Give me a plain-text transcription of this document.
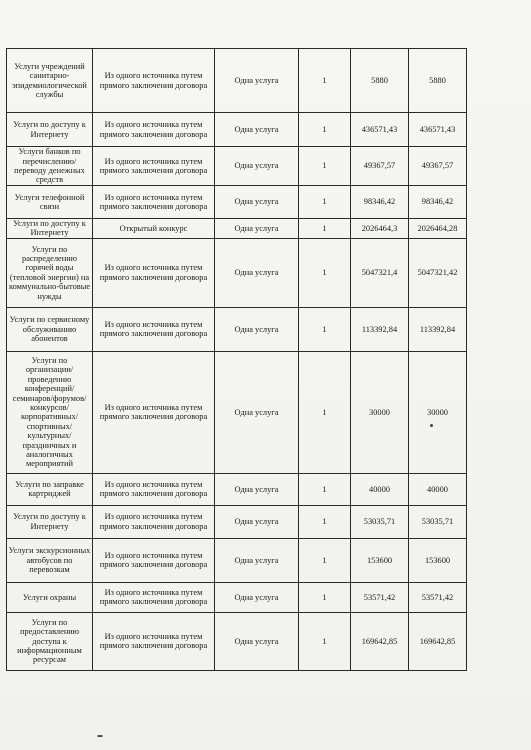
Услуги учреждений санитарно-эпидемиологической службы	Из одного источника путем прямого заключения договора	Одна услуга	1	5880	5880
Услуги по доступу к Интернету	Из одного источника путем прямого заключения договора	Одна услуга	1	436571,43	436571,43
Услуги банков по перечислению/переводу денежных средств	Из одного источника путем прямого заключения договора	Одна услуга	1	49367,57	49367,57
Услуги телефонной связи	Из одного источника путем прямого заключения договора	Одна услуга	1	98346,42	98346,42
Услуги по доступу к Интернету	Открытый конкурс	Одна услуга	1	2026464,3	2026464,28
Услуги по распределению горячей воды (тепловой энергии) на коммунально-бытовые нужды	Из одного источника путем прямого заключения договора	Одна услуга	1	5047321,4	5047321,42
Услуги по сервисному обслуживанию абонентов	Из одного источника путем прямого заключения договора	Одна услуга	1	113392,84	113392,84
Услуги по организации/проведению конференций/семинаров/форумов/конкурсов/корпоративных/спортивных/культурных/праздничных и аналогичных мероприятий	Из одного источника путем прямого заключения договора	Одна услуга	1	30000	30000
Услуги по заправке картриджей	Из одного источника путем прямого заключения договора	Одна услуга	1	40000	40000
Услуги по доступу к Интернету	Из одного источника путем прямого заключения договора	Одна услуга	1	53035,71	53035,71
Услуги экскурсионных автобусов по перевозкам	Из одного источника путем прямого заключения договора	Одна услуга	1	153600	153600
Услуги охраны	Из одного источника путем прямого заключения договора	Одна услуга	1	53571,42	53571,42
Услуги по предоставлению доступа к информационным ресурсам	Из одного источника путем прямого заключения договора	Одна услуга	1	169642,85	169642,85
